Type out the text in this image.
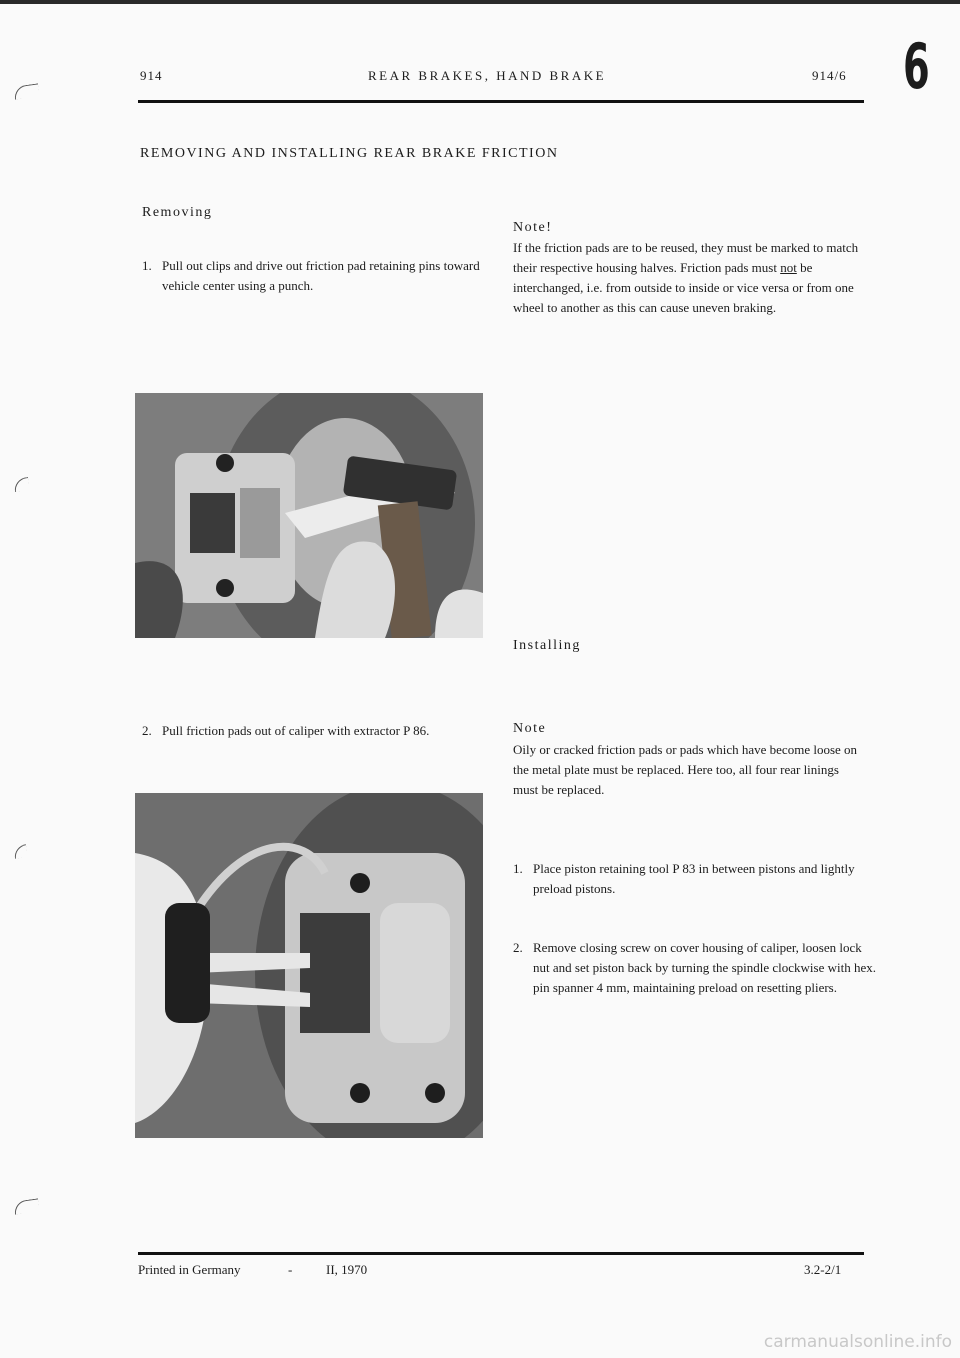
914	REAR BRAKES, HAND BRAKE	914/6 6
REMOVING AND INSTALLING REAR BRAKE FRICTION
Removing
1. Pull out clips and drive out friction pad retaining pins toward vehicle center using a punch.
2. Pull friction pads out of caliper with extractor P 86.
Note!
If the friction pads are to be reused, they must be marked to match their respective housing halves. Friction pads must not be interchanged, i.e. from outside to inside or vice versa or from one wheel to another as this can cause uneven braking.
Installing
Note
Oily or cracked friction pads or pads which have become loose on the metal plate must be replaced. Here too, all four rear linings must be replaced.
1. Place piston retaining tool P 83 in between pistons and lightly preload pistons.
2. Remove closing screw on cover housing of caliper, loosen lock nut and set piston back by turning the spindle clockwise with hex. pin spanner 4 mm, maintaining preload on resetting pliers.
Printed in Germany	-	II, 1970	3.2-2/1
carmanualsonline.info
